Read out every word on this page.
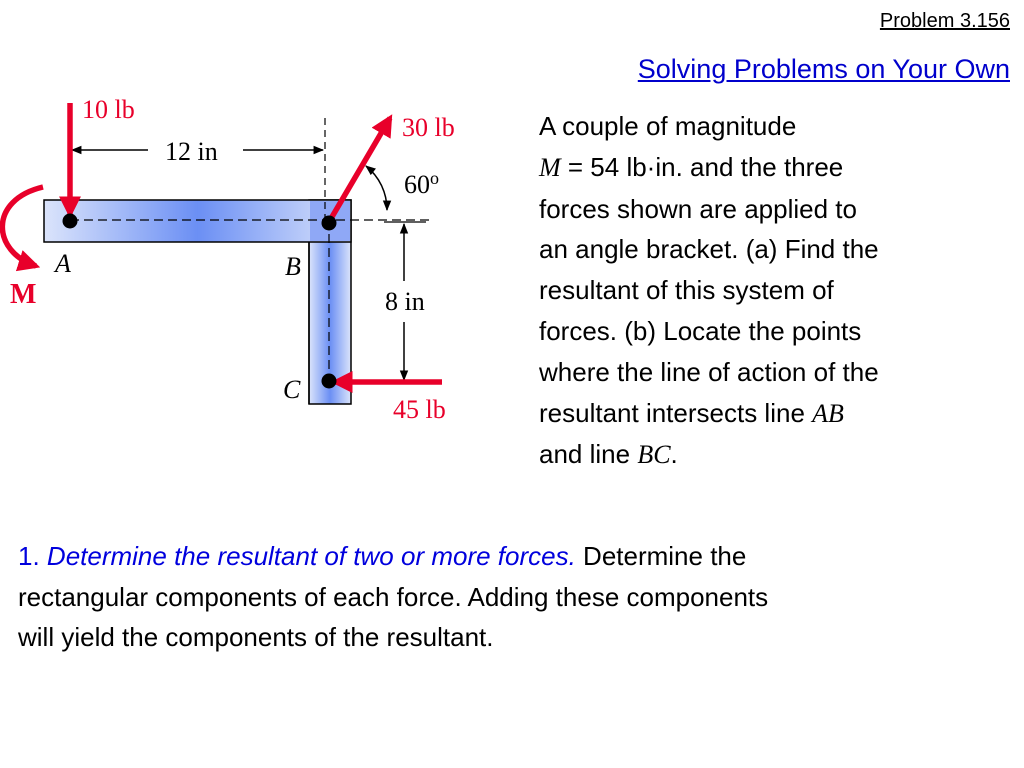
Problem 3.156
Solving Problems on Your Own
12 in
8 in
60$^o$
10 lb
30 lb
45 lb
M
A	B
C
A couple of magnitude
M = 54 lb·in. and the three
forces shown are applied to
an angle bracket. (a) Find the
resultant of this system of
forces. (b) Locate the points
where the line of action of the
resultant intersects line AB
and line BC.
1. Determine the resultant of two or more forces. Determine the
rectangular components of each force. Adding these components
will yield the components of the resultant.
